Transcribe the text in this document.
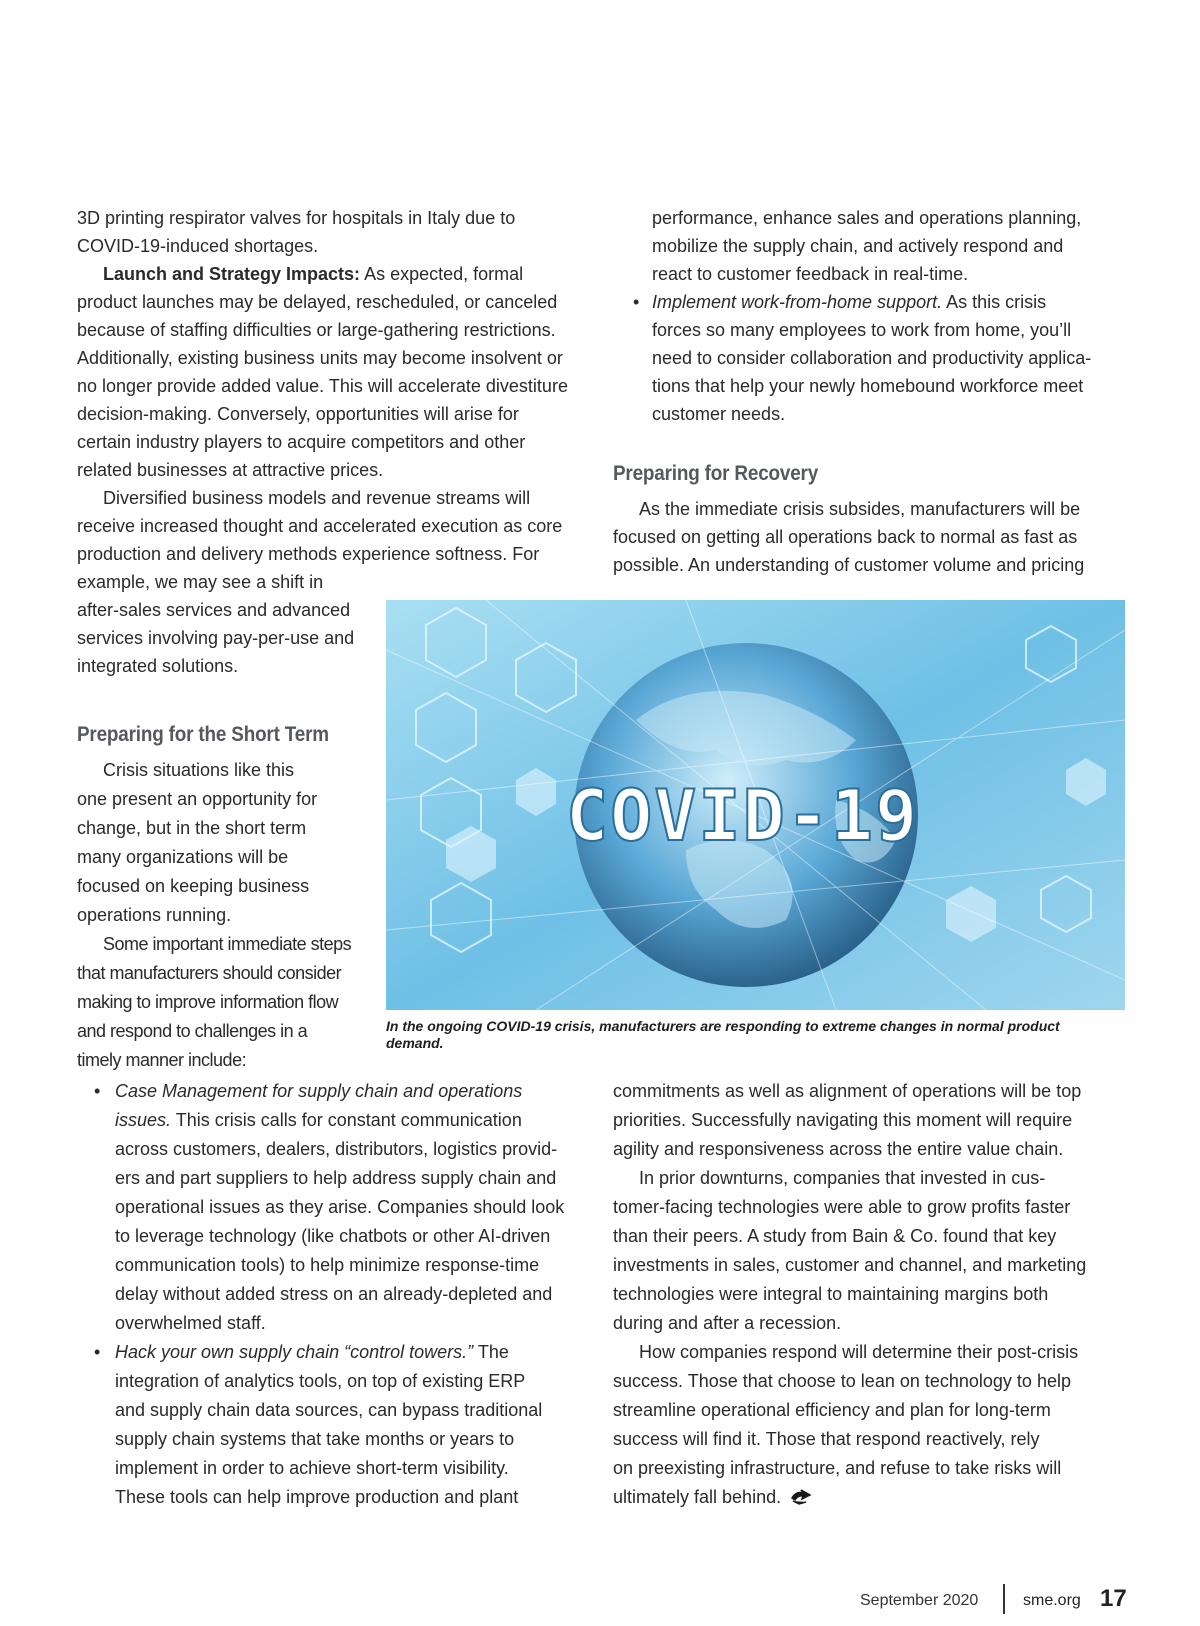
3D printing respirator valves for hospitals in Italy due to
COVID-19-induced shortages.
Launch and Strategy Impacts: As expected, formal
product launches may be delayed, rescheduled, or canceled
because of staffing difficulties or large-gathering restrictions.
Additionally, existing business units may become insolvent or
no longer provide added value. This will accelerate divestiture
decision-making. Conversely, opportunities will arise for
certain industry players to acquire competitors and other
related businesses at attractive prices.
Diversified business models and revenue streams will
receive increased thought and accelerated execution as core
production and delivery methods experience softness. For
example, we may see a shift in
after-sales services and advanced
services involving pay-per-use and
integrated solutions.
Preparing for the Short Term
Crisis situations like this
one present an opportunity for
change, but in the short term
many organizations will be
focused on keeping business
operations running.
Some important immediate steps
that manufacturers should consider
making to improve information flow
and respond to challenges in a
timely manner include:
• Case Management for supply chain and operations
issues. This crisis calls for constant communication
across customers, dealers, distributors, logistics provid-
ers and part suppliers to help address supply chain and
operational issues as they arise. Companies should look
to leverage technology (like chatbots or other AI-driven
communication tools) to help minimize response-time
delay without added stress on an already-depleted and
overwhelmed staff.
• Hack your own supply chain “control towers.” The
integration of analytics tools, on top of existing ERP
and supply chain data sources, can bypass traditional
supply chain systems that take months or years to
implement in order to achieve short-term visibility.
These tools can help improve production and plant
performance, enhance sales and operations planning,
mobilize the supply chain, and actively respond and
react to customer feedback in real-time.
• Implement work-from-home support. As this crisis
forces so many employees to work from home, you’ll
need to consider collaboration and productivity applica-
tions that help your newly homebound workforce meet
customer needs.
Preparing for Recovery
As the immediate crisis subsides, manufacturers will be
focused on getting all operations back to normal as fast as
possible. An understanding of customer volume and pricing
COVID-19
In the ongoing COVID-19 crisis, manufacturers are responding to extreme changes in normal product demand.
commitments as well as alignment of operations will be top
priorities. Successfully navigating this moment will require
agility and responsiveness across the entire value chain.
In prior downturns, companies that invested in cus-
tomer-facing technologies were able to grow profits faster
than their peers. A study from Bain & Co. found that key
investments in sales, customer and channel, and marketing
technologies were integral to maintaining margins both
during and after a recession.
How companies respond will determine their post-crisis
success. Those that choose to lean on technology to help
streamline operational efficiency and plan for long-term
success will find it. Those that respond reactively, rely
on preexisting infrastructure, and refuse to take risks will
ultimately fall behind.
September 2020	sme.org 17
